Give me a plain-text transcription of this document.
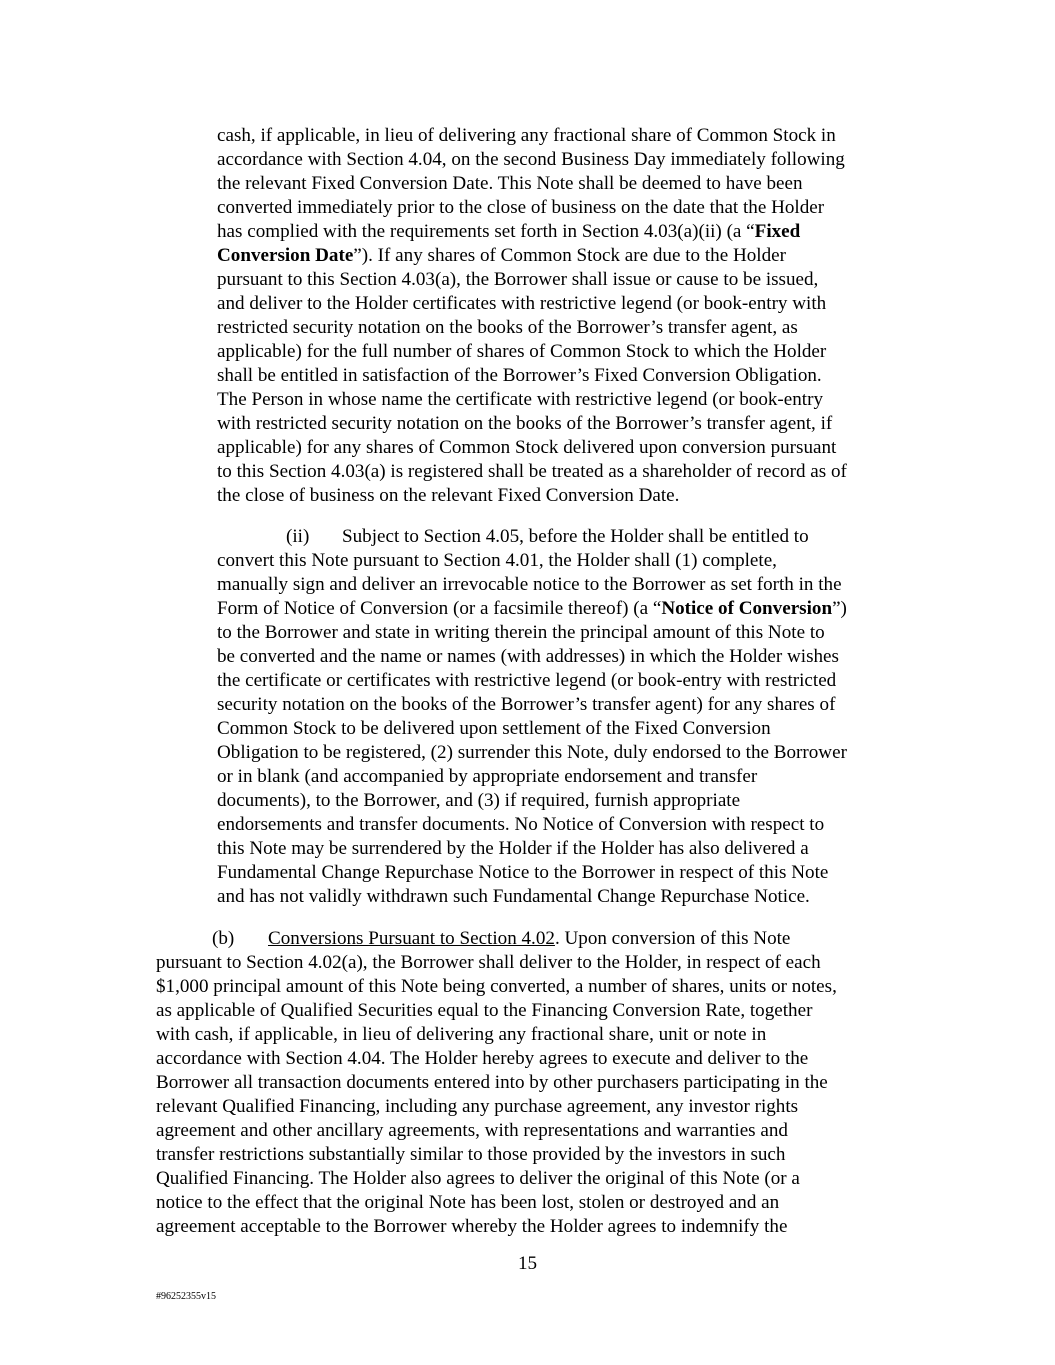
cash, if applicable, in lieu of delivering any fractional share of Common Stock in
accordance with Section 4.04, on the second Business Day immediately following
the relevant Fixed Conversion Date. This Note shall be deemed to have been
converted immediately prior to the close of business on the date that the Holder
has complied with the requirements set forth in Section 4.03(a)(ii) (a “Fixed
Conversion Date”). If any shares of Common Stock are due to the Holder
pursuant to this Section 4.03(a), the Borrower shall issue or cause to be issued,
and deliver to the Holder certificates with restrictive legend (or book-entry with
restricted security notation on the books of the Borrower’s transfer agent, as
applicable) for the full number of shares of Common Stock to which the Holder
shall be entitled in satisfaction of the Borrower’s Fixed Conversion Obligation.
The Person in whose name the certificate with restrictive legend (or book-entry
with restricted security notation on the books of the Borrower’s transfer agent, if
applicable) for any shares of Common Stock delivered upon conversion pursuant
to this Section 4.03(a) is registered shall be treated as a shareholder of record as of
the close of business on the relevant Fixed Conversion Date.
(ii) Subject to Section 4.05, before the Holder shall be entitled to
convert this Note pursuant to Section 4.01, the Holder shall (1) complete,
manually sign and deliver an irrevocable notice to the Borrower as set forth in the
Form of Notice of Conversion (or a facsimile thereof) (a “Notice of Conversion”)
to the Borrower and state in writing therein the principal amount of this Note to
be converted and the name or names (with addresses) in which the Holder wishes
the certificate or certificates with restrictive legend (or book-entry with restricted
security notation on the books of the Borrower’s transfer agent) for any shares of
Common Stock to be delivered upon settlement of the Fixed Conversion
Obligation to be registered, (2) surrender this Note, duly endorsed to the Borrower
or in blank (and accompanied by appropriate endorsement and transfer
documents), to the Borrower, and (3) if required, furnish appropriate
endorsements and transfer documents. No Notice of Conversion with respect to
this Note may be surrendered by the Holder if the Holder has also delivered a
Fundamental Change Repurchase Notice to the Borrower in respect of this Note
and has not validly withdrawn such Fundamental Change Repurchase Notice.
(b) Conversions Pursuant to Section 4.02. Upon conversion of this Note
pursuant to Section 4.02(a), the Borrower shall deliver to the Holder, in respect of each
$1,000 principal amount of this Note being converted, a number of shares, units or notes,
as applicable of Qualified Securities equal to the Financing Conversion Rate, together
with cash, if applicable, in lieu of delivering any fractional share, unit or note in
accordance with Section 4.04. The Holder hereby agrees to execute and deliver to the
Borrower all transaction documents entered into by other purchasers participating in the
relevant Qualified Financing, including any purchase agreement, any investor rights
agreement and other ancillary agreements, with representations and warranties and
transfer restrictions substantially similar to those provided by the investors in such
Qualified Financing. The Holder also agrees to deliver the original of this Note (or a
notice to the effect that the original Note has been lost, stolen or destroyed and an
agreement acceptable to the Borrower whereby the Holder agrees to indemnify the
15
#96252355v15
